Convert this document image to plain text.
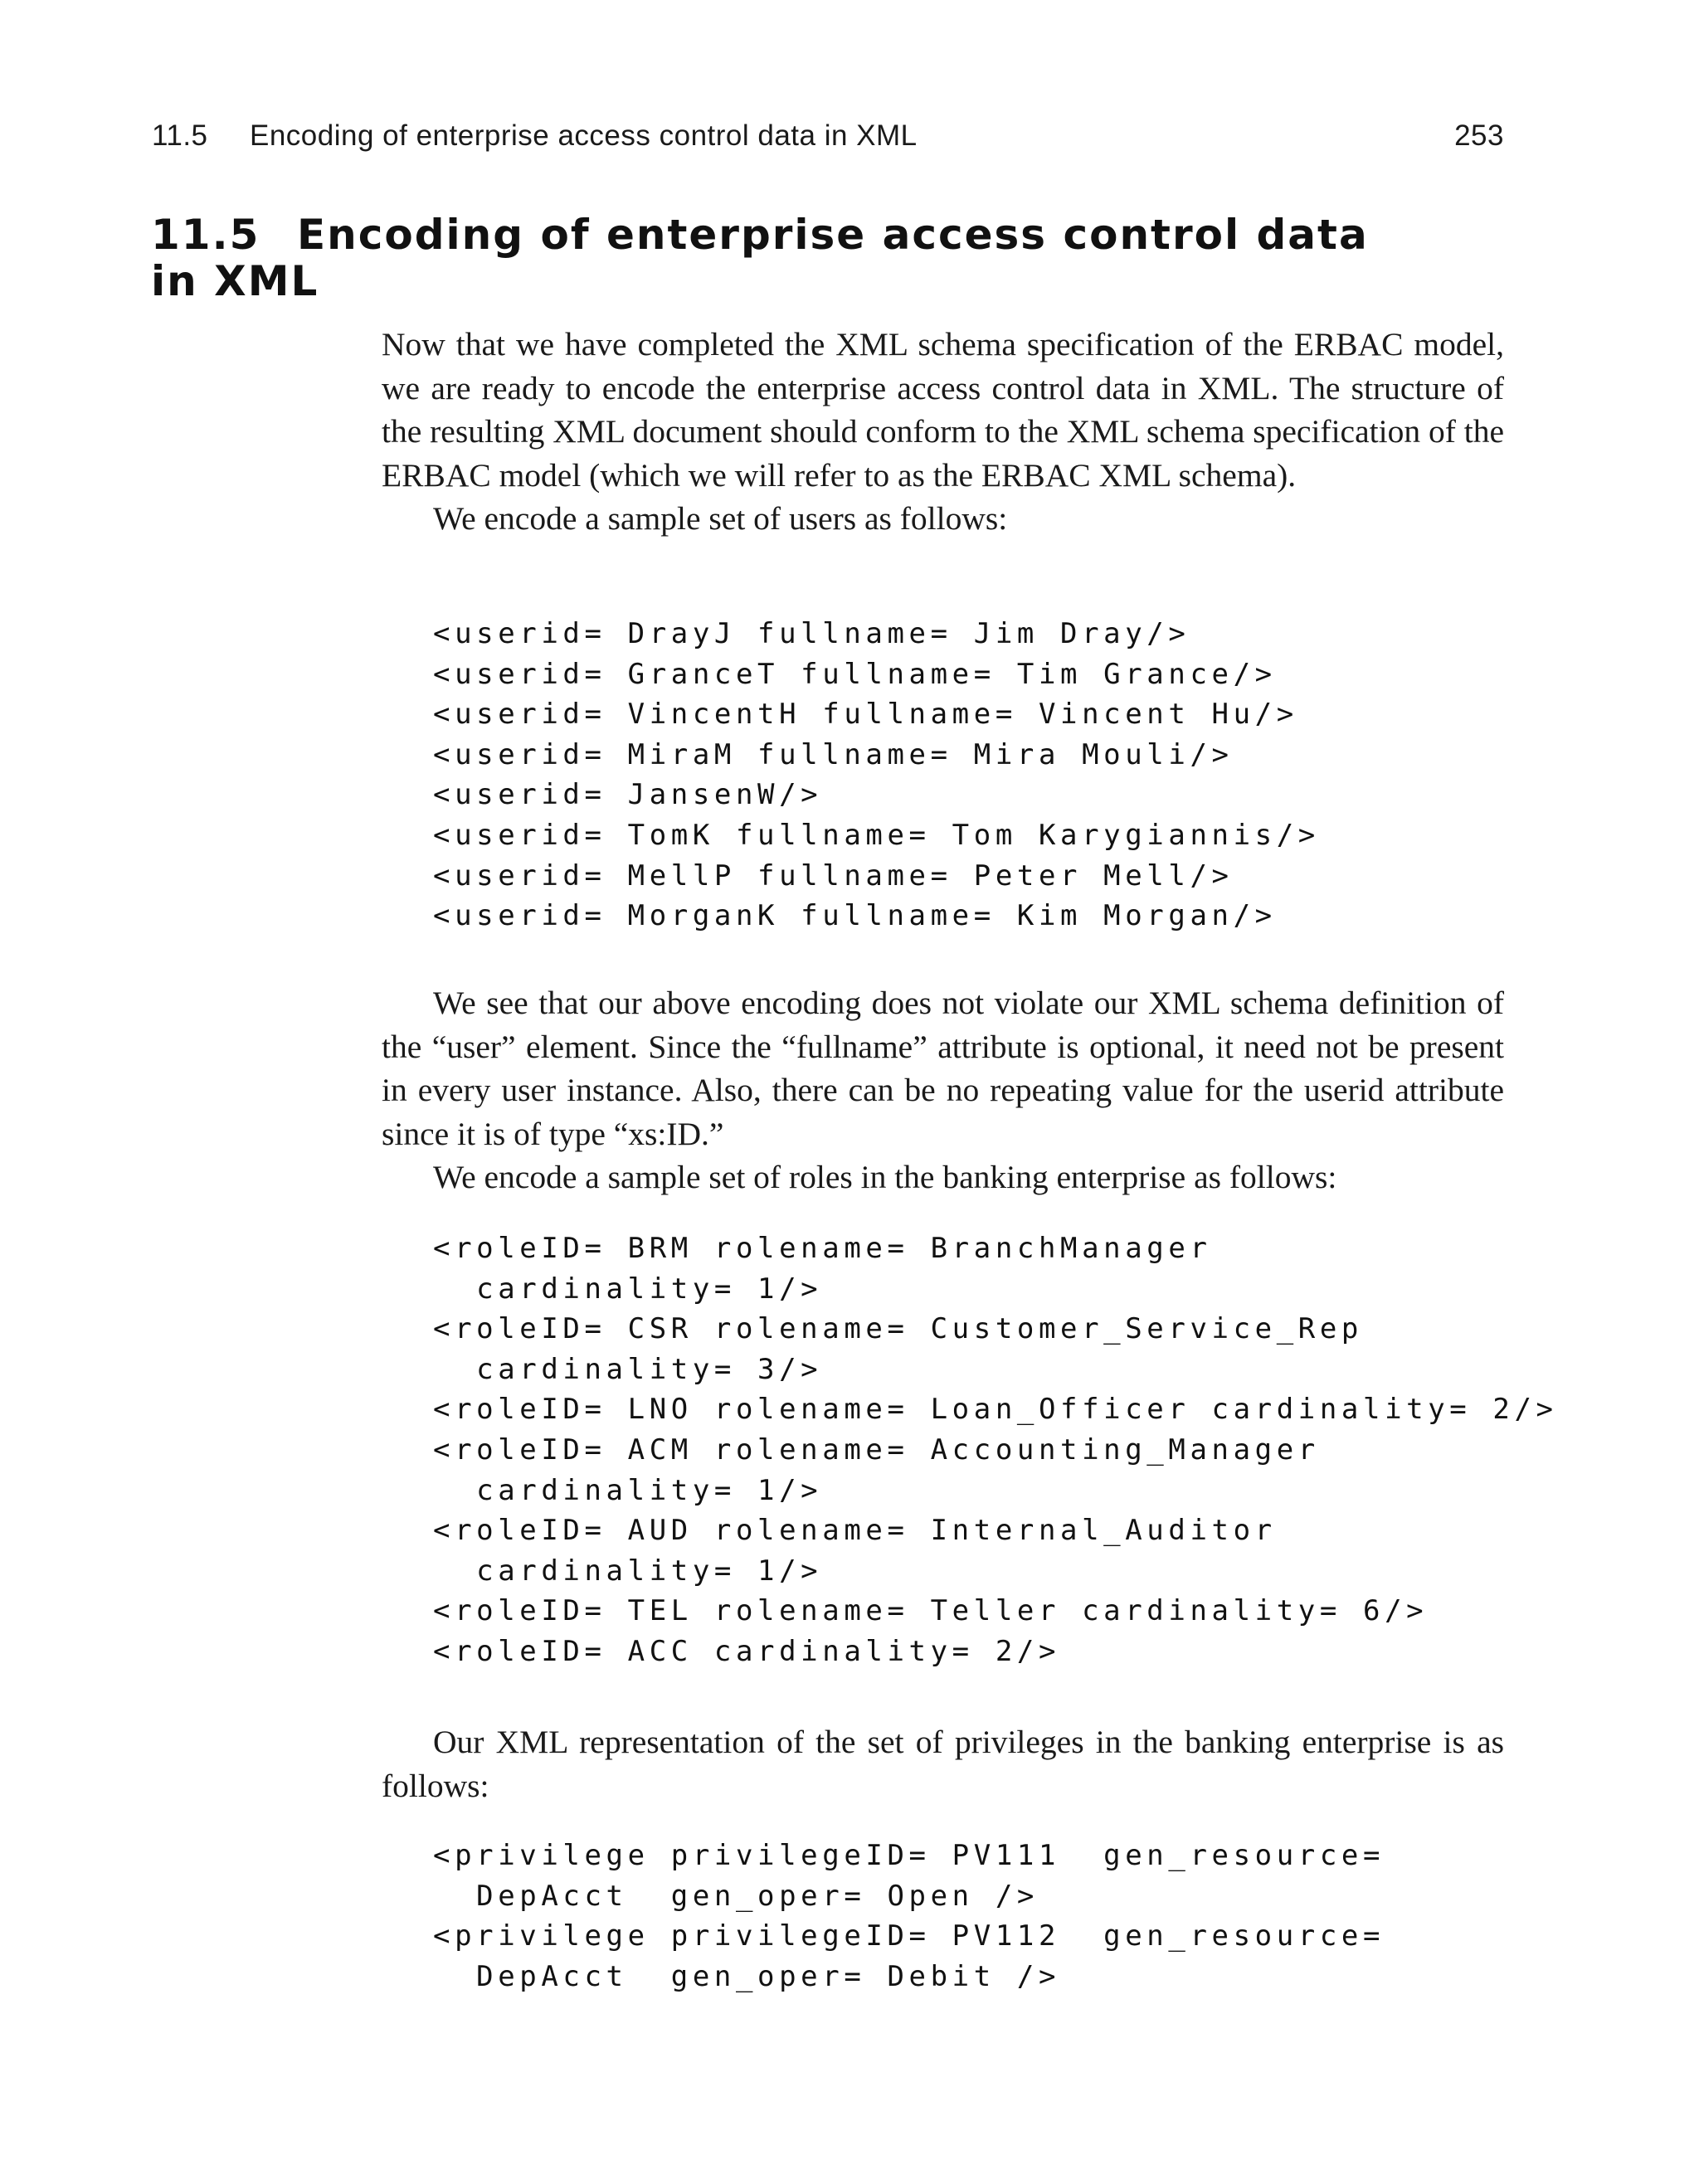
11.5 Encoding of enterprise access control data in XML	253
11.5 Encoding of enterprise access control data
in XML

Now that we have completed the XML schema specification of the ERBAC model, we are ready to encode the enterprise access control data in XML. The structure of the resulting XML document should conform to the XML schema specification of the ERBAC model (which we will refer to as the ERBAC XML schema).

We encode a sample set of users as follows:

<userid= DrayJ fullname= Jim Dray/>
<userid= GranceT fullname= Tim Grance/>
<userid= VincentH fullname= Vincent Hu/>
<userid= MiraM fullname= Mira Mouli/>
<userid= JansenW/>
<userid= TomK fullname= Tom Karygiannis/>
<userid= MellP fullname= Peter Mell/>
<userid= MorganK fullname= Kim Morgan/>

We see that our above encoding does not violate our XML schema definition of the “user” element. Since the “fullname” attribute is optional, it need not be present in every user instance. Also, there can be no repeating value for the userid attribute since it is of type “xs:ID.”

We encode a sample set of roles in the banking enterprise as follows:

<roleID= BRM rolename= BranchManager
cardinality= 1/>
<roleID= CSR rolename= Customer_Service_Rep
cardinality= 3/>
<roleID= LNO rolename= Loan_Officer cardinality= 2/>
<roleID= ACM rolename= Accounting_Manager
cardinality= 1/>
<roleID= AUD rolename= Internal_Auditor
cardinality= 1/>
<roleID= TEL rolename= Teller cardinality= 6/>
<roleID= ACC cardinality= 2/>

Our XML representation of the set of privileges in the banking enterprise is as follows:

<privilege privilegeID= PV111  gen_resource=
DepAcct  gen_oper= Open />
<privilege privilegeID= PV112  gen_resource=
DepAcct  gen_oper= Debit />
